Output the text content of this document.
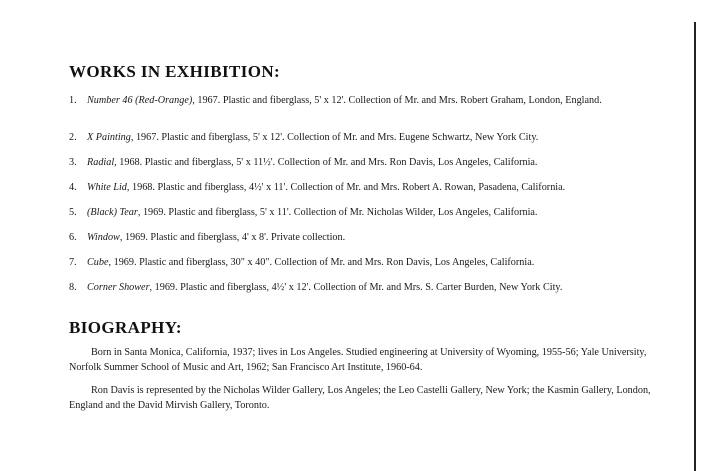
WORKS IN EXHIBITION:
1.	Number 46 (Red-Orange), 1967. Plastic and fiberglass, 5' x 12'. Collection of Mr. and Mrs. Robert Graham, London, England.
2.	X Painting, 1967. Plastic and fiberglass, 5' x 12'. Collection of Mr. and Mrs. Eugene Schwartz, New York City.
3.	Radial, 1968. Plastic and fiberglass, 5' x 11½'. Collection of Mr. and Mrs. Ron Davis, Los Angeles, California.
4.	White Lid, 1968. Plastic and fiberglass, 4½' x 11'. Collection of Mr. and Mrs. Robert A. Rowan, Pasadena, California.
5.	(Black) Tear, 1969. Plastic and fiberglass, 5' x 11'. Collection of Mr. Nicholas Wilder, Los Angeles, California.
6.	Window, 1969. Plastic and fiberglass, 4' x 8'. Private collection.
7.	Cube, 1969. Plastic and fiberglass, 30" x 40". Collection of Mr. and Mrs. Ron Davis, Los Angeles, California.
8.	Corner Shower, 1969. Plastic and fiberglass, 4½' x 12'. Collection of Mr. and Mrs. S. Carter Burden, New York City.
BIOGRAPHY:

Born in Santa Monica, California, 1937; lives in Los Angeles. Studied engineering at University of Wyoming, 1955-56; Yale University, Norfolk Summer School of Music and Art, 1962; San Francisco Art Institute, 1960-64.

Ron Davis is represented by the Nicholas Wilder Gallery, Los Angeles; the Leo Castelli Gallery, New York; the Kasmin Gallery, London, England and the David Mirvish Gallery, Toronto.
